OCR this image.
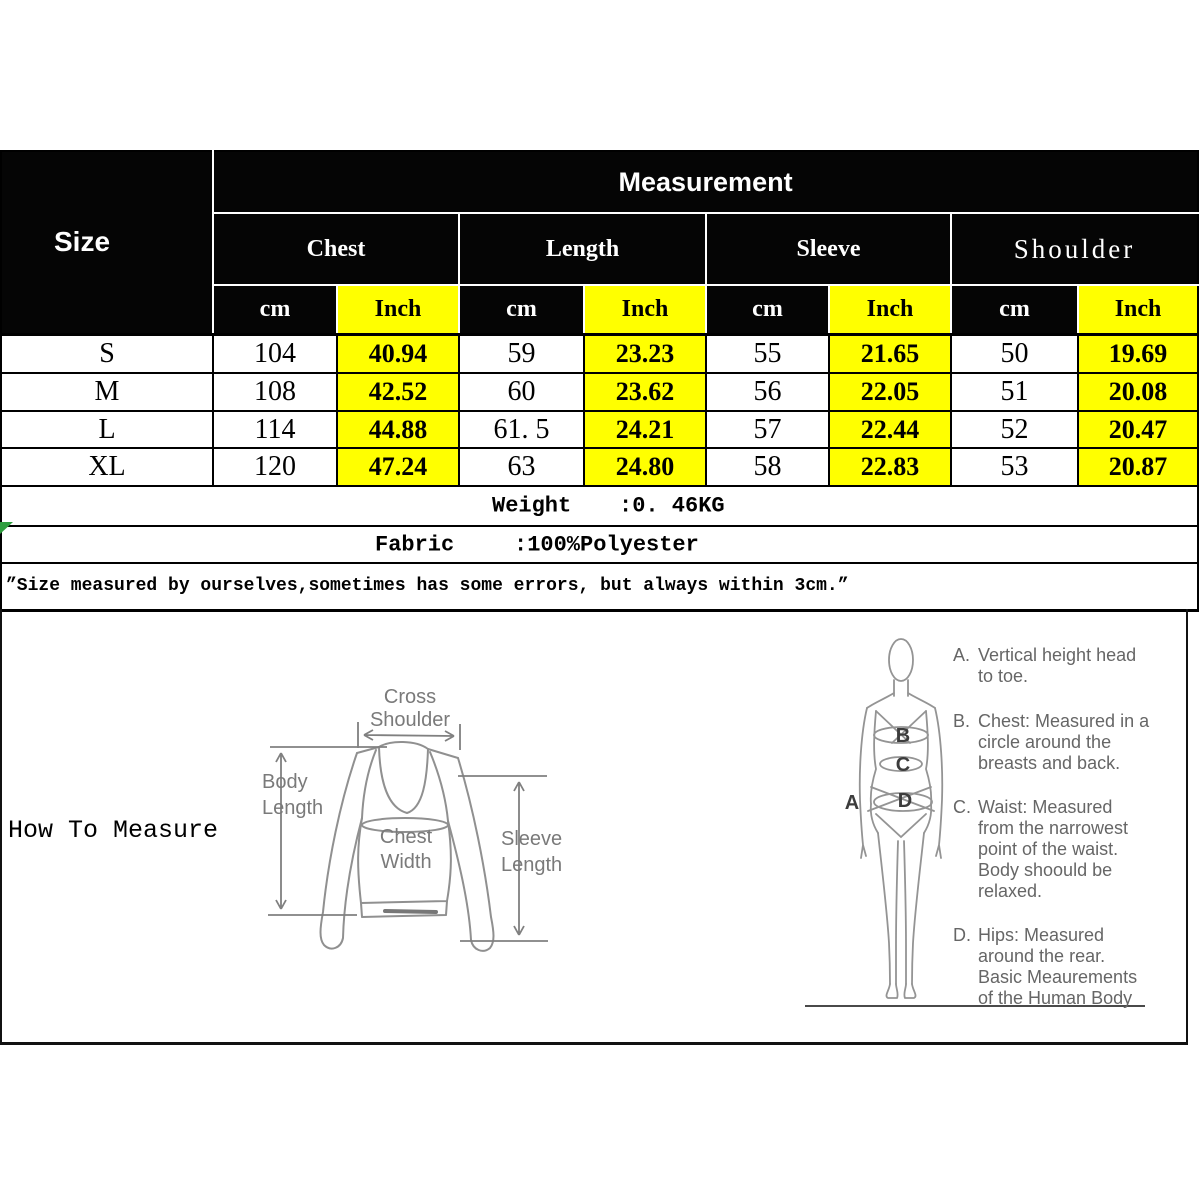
Size	Measurement							
	Chest		Length		Sleeve		Shoulder	
	cm	Inch	cm	Inch	cm	Inch	cm	Inch
S	104	40.94	59	23.23	55	21.65	50	19.69
M	108	42.52	60	23.62	56	22.05	51	20.08
L	114	44.88	61. 5	24.21	57	22.44	52	20.47
XL	120	47.24	63	24.80	58	22.83	53	20.87

Weight :0. 46KG								

Fabric :100%Polyester								

”Size measured by ourselves,sometimes has some errors, but always within 3cm.”								
How To Measure
Cross
Shoulder
Body
Length
Chest
Width
Sleeve
Length
A
B
C
D
A. Vertical height head
to toe.
B. Chest: Measured in a
circle around the
breasts and back.
C. Waist: Measured
from the narrowest
point of the waist.
Body shoould be
relaxed.
D. Hips: Measured
around the rear.
Basic Meaurements
of the Human Body
